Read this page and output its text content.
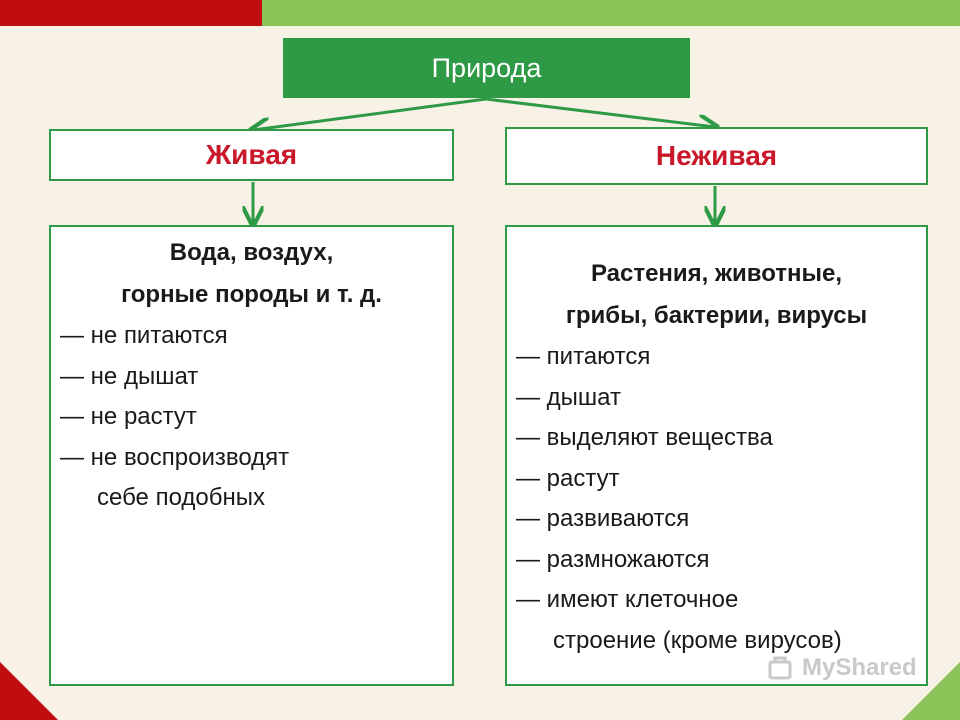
Природа
Живая	Неживая
Вода, воздух,
горные породы и т. д.
— не питаются
— не дышат
— не растут
— не воспроизводят
себе подобных
Растения, животные,
грибы, бактерии, вирусы
— питаются
— дышат
— выделяют вещества
— растут
— развиваются
— размножаются
— имеют клеточное
строение (кроме вирусов)
MyShared
